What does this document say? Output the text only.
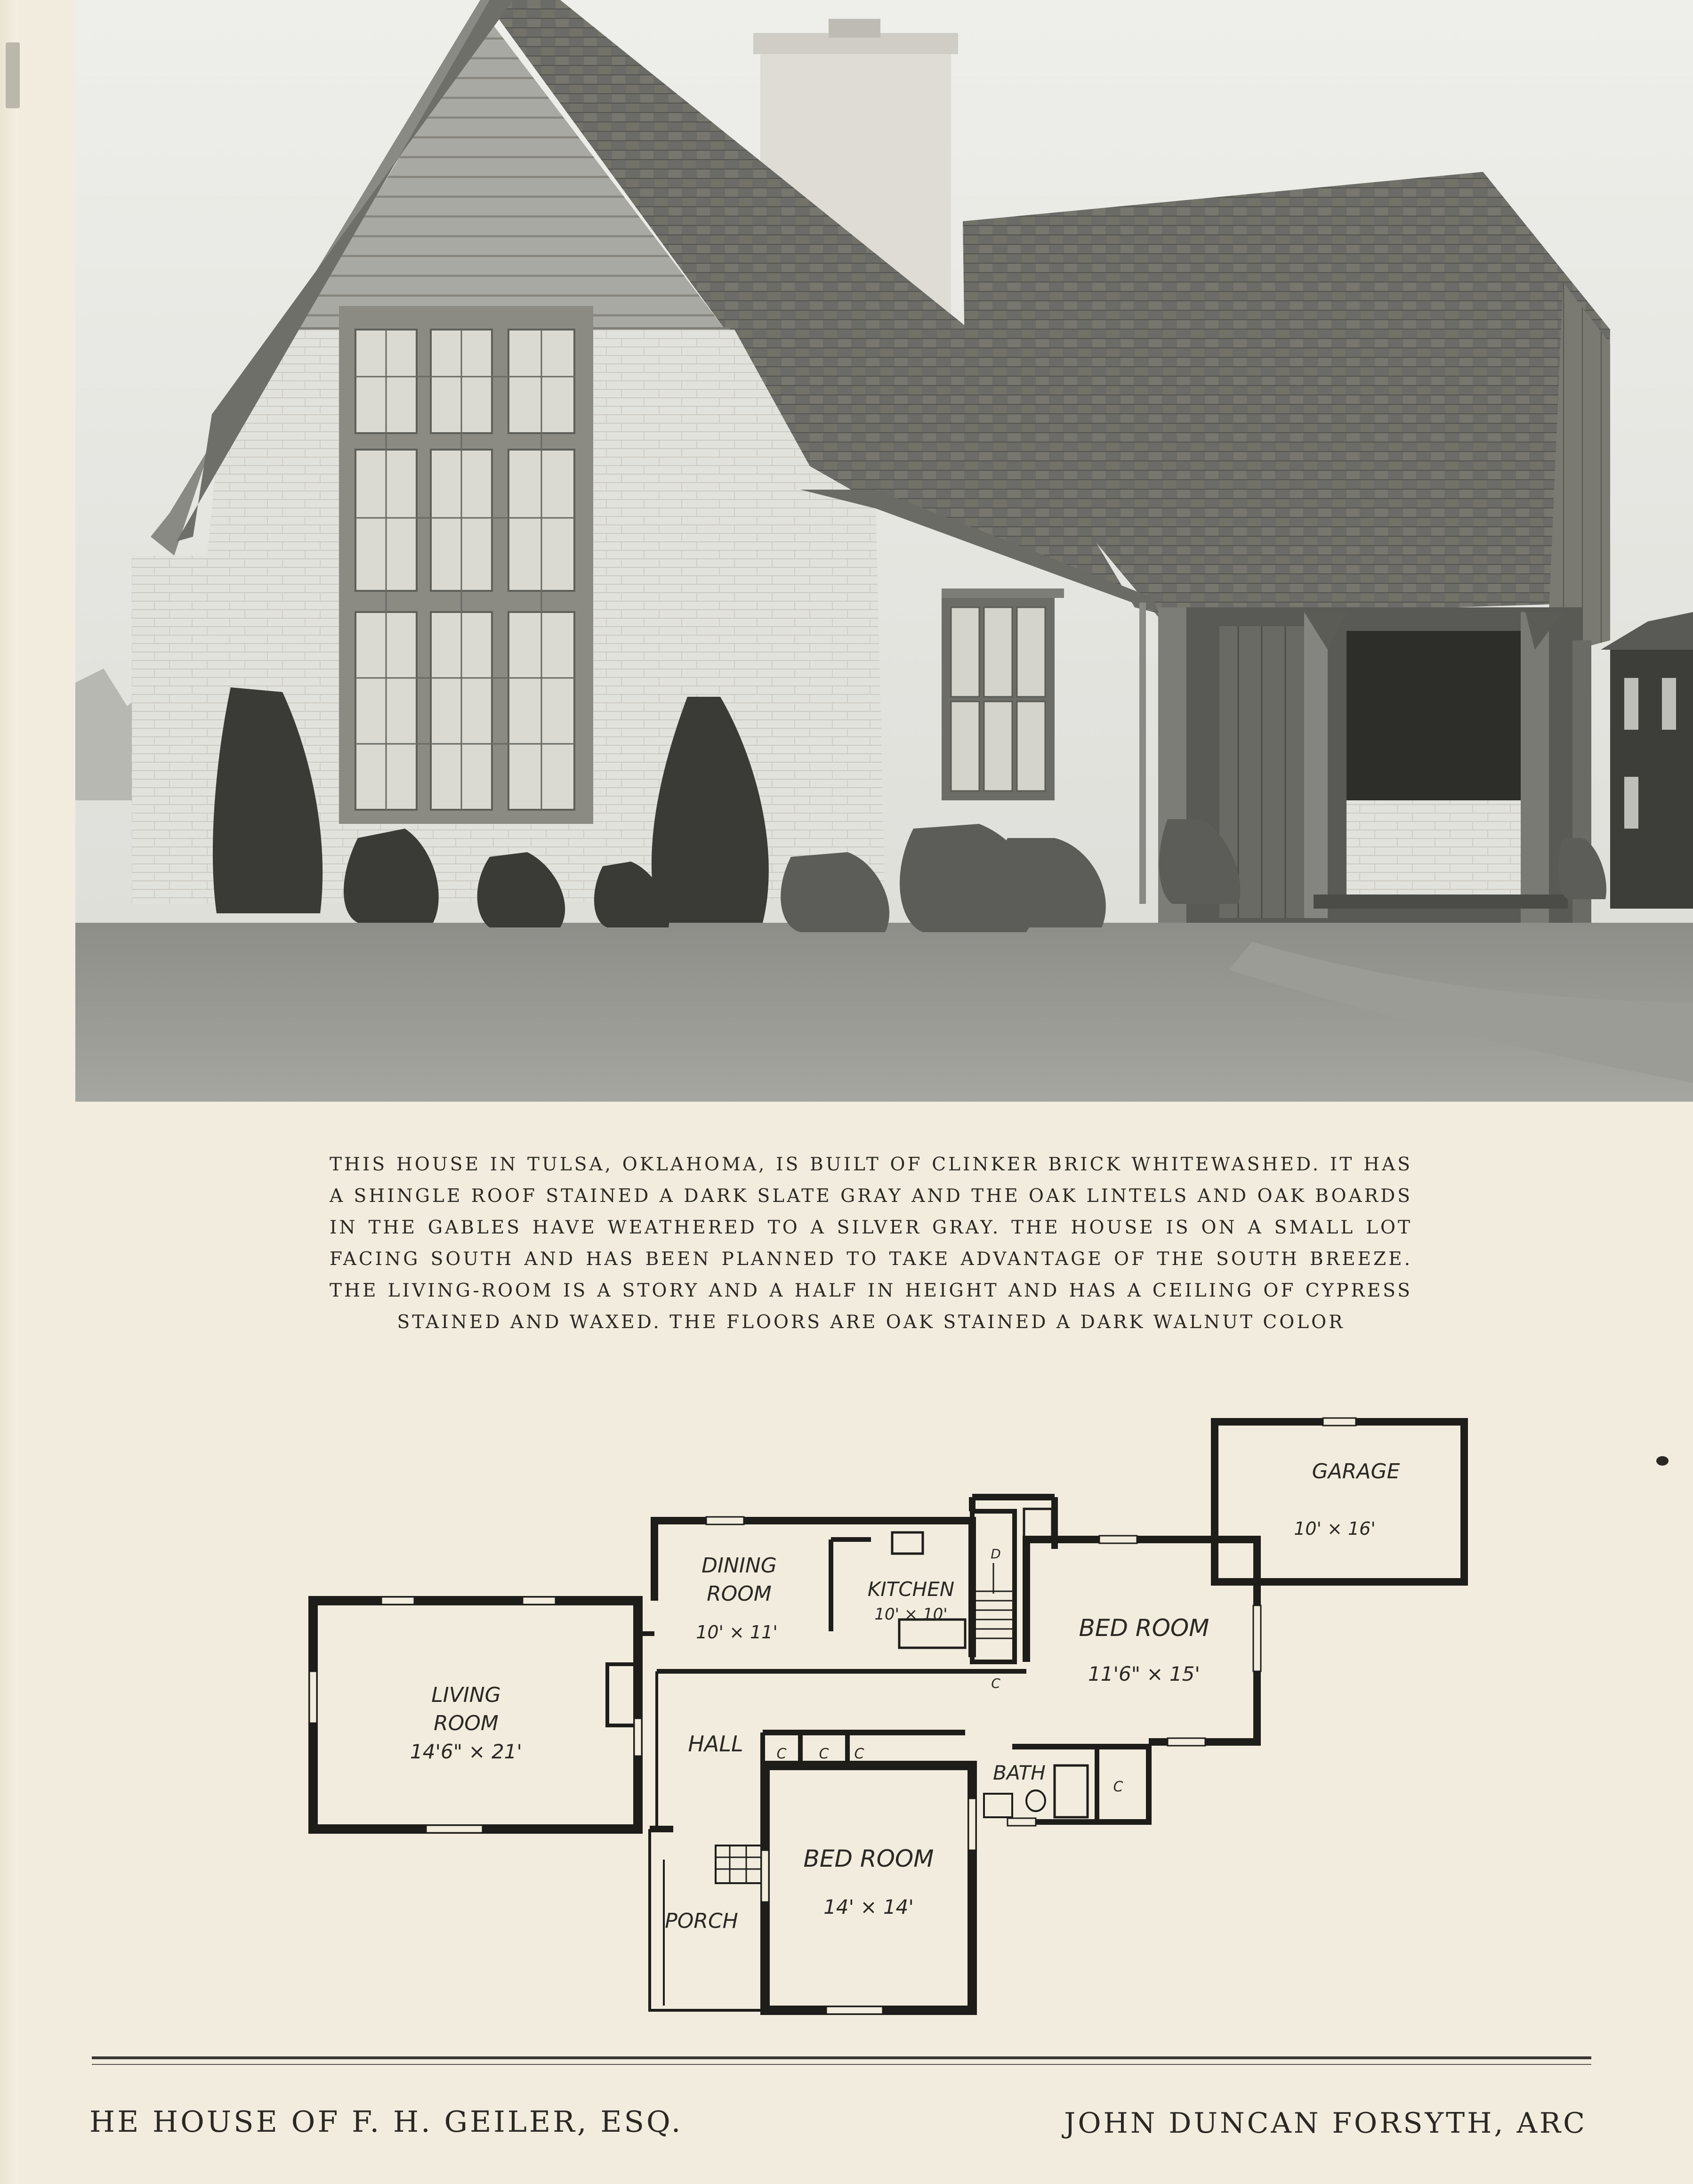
THIS HOUSE IN TULSA, OKLAHOMA, IS BUILT OF CLINKER BRICK WHITEWASHED. IT HAS A SHINGLE ROOF STAINED A DARK SLATE GRAY AND THE OAK LINTELS AND OAK BOARDS IN THE GABLES HAVE WEATHERED TO A SILVER GRAY. THE HOUSE IS ON A SMALL LOT FACING SOUTH AND HAS BEEN PLANNED TO TAKE ADVANTAGE OF THE SOUTH BREEZE. THE LIVING-ROOM IS A STORY AND A HALF IN HEIGHT AND HAS A CEILING OF CYPRESS STAINED AND WAXED. THE FLOORS ARE OAK STAINED A DARK WALNUT COLOR
GARAGE
10' × 16'
DINING
ROOM
10' × 11'
KITCHEN
10' × 10'	BED ROOM
11'6" × 15'
LIVING
ROOM
14'6" × 21'	HALL
BATH
BED ROOM
14' × 14'
PORCH
C C C
C
C
D
HE HOUSE OF F. H. GEILER, ESQ.	JOHN DUNCAN FORSYTH, ARC
